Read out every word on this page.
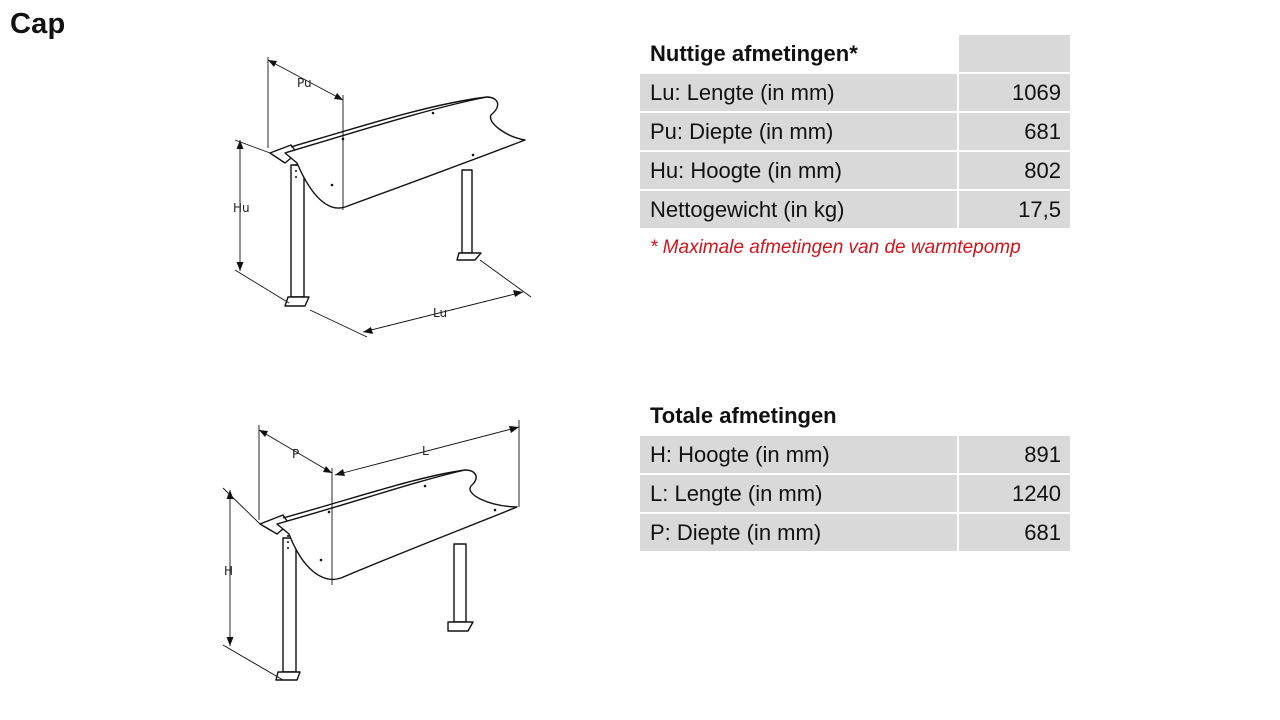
Cap
Pu
Hu
Lu
P	L
H
Nuttige afmetingen*	
Lu: Lengte (in mm)	1069
Pu: Diepte (in mm)	681
Hu: Hoogte (in mm)	802
Nettogewicht (in kg)	17,5
* Maximale afmetingen van de warmtepomp
Totale afmetingen	
H: Hoogte (in mm)	891
L: Lengte (in mm)	1240
P: Diepte (in mm)	681
